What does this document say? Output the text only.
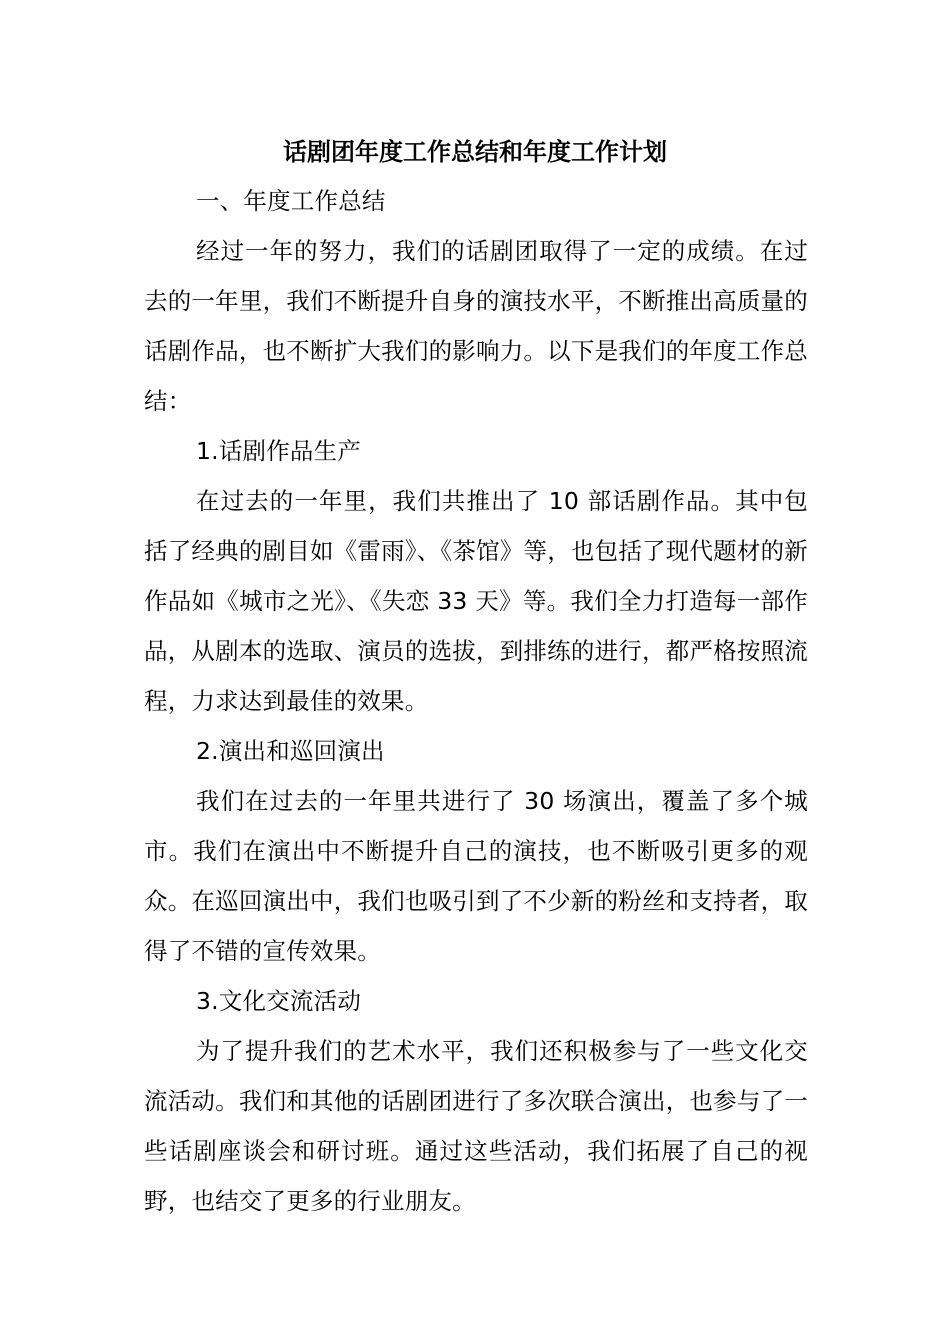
话剧团年度工作总结和年度工作计划

一、年度工作总结

经过一年的努力，我们的话剧团取得了一定的成绩。在过去的一年里，我们不断提升自身的演技水平，不断推出高质量的话剧作品，也不断扩大我们的影响力。以下是我们的年度工作总结：

1.话剧作品生产

在过去的一年里，我们共推出了 10 部话剧作品。其中包括了经典的剧目如《雷雨》、《茶馆》等，也包括了现代题材的新作品如《城市之光》、《失恋 33 天》等。我们全力打造每一部作品，从剧本的选取、演员的选拔，到排练的进行，都严格按照流程，力求达到最佳的效果。

2.演出和巡回演出

我们在过去的一年里共进行了 30 场演出，覆盖了多个城市。我们在演出中不断提升自己的演技，也不断吸引更多的观众。在巡回演出中，我们也吸引到了不少新的粉丝和支持者，取得了不错的宣传效果。

3.文化交流活动

为了提升我们的艺术水平，我们还积极参与了一些文化交流活动。我们和其他的话剧团进行了多次联合演出，也参与了一些话剧座谈会和研讨班。通过这些活动，我们拓展了自己的视野，也结交了更多的行业朋友。
